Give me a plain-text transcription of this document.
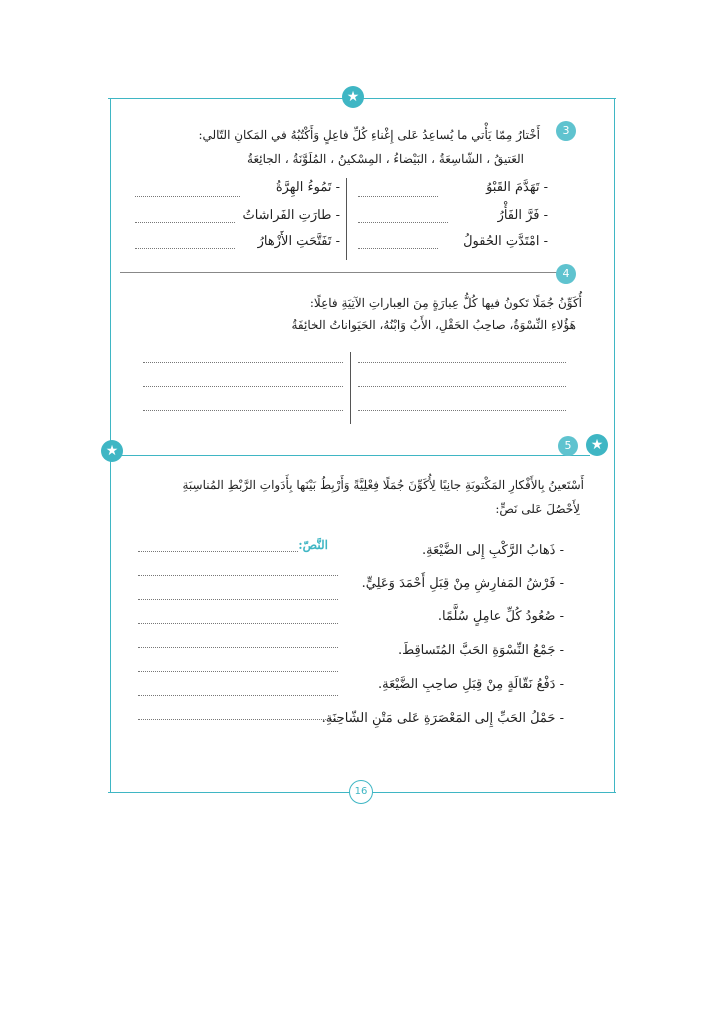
★
★	★
3
أَخْتارُ مِمّا يَأْتي ما يُساعِدُ عَلى إِغْناءِ كُلِّ فاعِلٍ وَأَكْتُبُهُ في المَكانِ التّالي:
العَتيقُ ، الشّاسِعَةُ ، البَيْضاءُ ، المِسْكينُ ، المُلَوَّنَةُ ، الجائِعَةُ
- تَهَدَّمَ القَبْوُ
- فَرَّ الفَأْرُ
- امْتَدَّتِ الحُقولُ
- تَمُوءُ الهِرَّةُ
- طارَتِ الفَراشاتُ
- تَفَتَّحَتِ الأَزْهارُ
4
أُكَوِّنُ جُمَلًا تَكونُ فيها كُلُّ عِبارَةٍ مِنَ العِباراتِ الآتِيَةِ فاعِلًا:
هَؤُلاءِ النِّسْوَةُ، صاحِبُ الحَقْلِ، الأَبُ وَابْنُهُ، الحَيَواناتُ الخائِفَةُ
5
أَسْتَعينُ بِالأَفْكارِ المَكْتوبَةِ جانِبًا لِأُكَوِّنَ جُمَلًا فِعْلِيَّةً وَأَرْبِطُ بَيْنَها بِأَدَواتِ الرَّبْطِ المُناسِبَةِ
لِأَحْصُلَ عَلى نَصٍّ:
النَّصّ:	- ذَهابُ الرَّكْبِ إِلى الضَّيْعَةِ.
- فَرْشُ المَفارِشِ مِنْ قِبَلِ أَحْمَدَ وَعَلِيٍّ.
- صُعُودُ كُلِّ عامِلٍ سُلَّمًا.
- جَمْعُ النِّسْوَةِ الحَبَّ المُتَساقِطَ.
- دَفْعُ نَقّالَةٍ مِنْ قِبَلِ صاحِبِ الضَّيْعَةِ.
- حَمْلُ الحَبِّ إِلى المَعْصَرَةِ عَلى مَتْنِ الشّاحِنَةِ.
16
